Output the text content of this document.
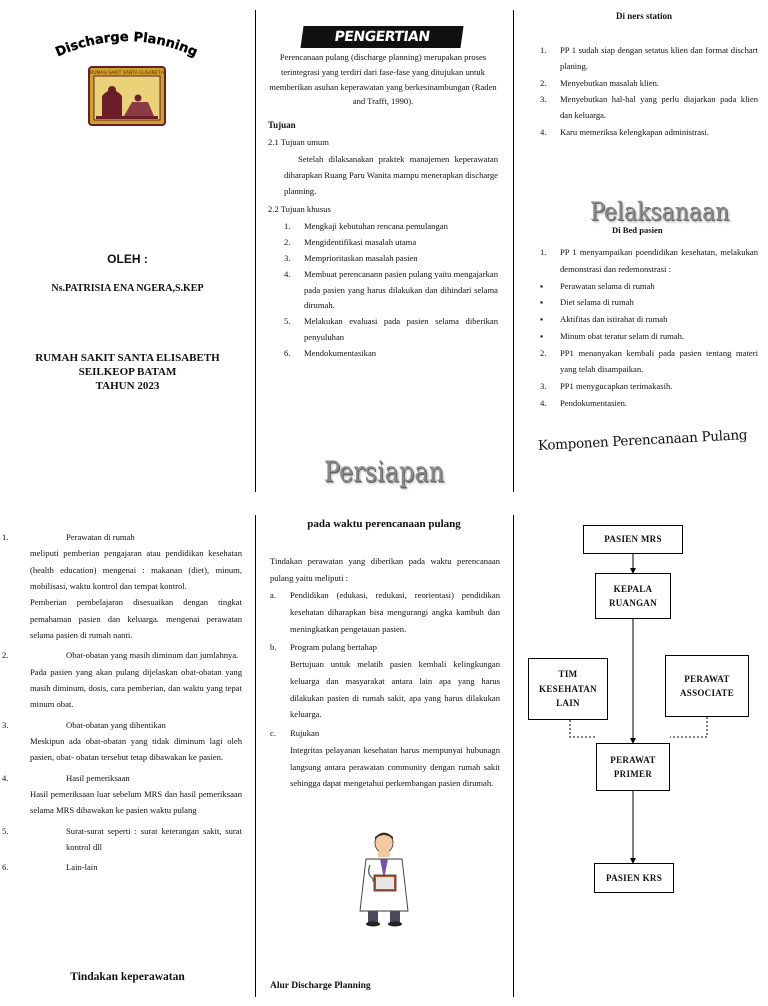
Discharge Planning
RUMAH SAKIT SANTA ELISABETH
OLEH :
Ns.PATRISIA ENA NGERA,S.KEP
RUMAH SAKIT SANTA ELISABETH
SEILKEOP BATAM
TAHUN 2023
PENGERTIAN
Perencanaan pulang (discharge planning) merupakan proses terintegrasi yang terdiri dari fase-fase yang ditujukan untuk memberikan asuhan keperawatan yang berkesinambungan (Raden and Trafft, 1990).
Tujuan
2.1 Tujuan umum
Setelah dilaksanakan praktek manajemen keperawatan diharapkan Ruang Paru Wanita mampu menerapkan discharge planning.
2.2 Tujuan khusus
1.	Mengkaji kebutuhan rencana pemulangan
2.	Mengidentifikasi masalah utama
3.	Memprioritaskan masalah pasien
4.	Membuat perencanann pasien pulang yaitu mengajarkan pada pasien yang harus dilakukan dan dihindari selama dirumah.
5.	Melakukan evaluasi pada pasien selama diberikan penyuluhan
6.	Mendokumentasikan
Persiapan
Di ners station
1.	PP 1 sudah siap dengan setatus klien dan format dischart planing.
2.	Menyebutkan masalah klien.
3.	Menyebutkan hal-hal yang perlu diajarkan pada klien dan keluarga.
4.	Karu memeriksa kelengkapan administrasi.
Pelaksanaan
Di Bed pasien
1.	PP 1 menyampaikan poendidikan kesehatan, melakukan demonstrasi dan redemonstrasi :
▪	Perawatan selama di rumah
▪	Diet selama di rumah
▪	Aktifitas dan istirahat di rumah
▪	Minum obat teratur selam di rumah.
2.	PP1 menanyakan kembali pada pasien tentang materi yang telah disampaikan.
3.	PP1 menygucapkan terimakasih.
4.	Pendokumentasien.
Komponen Perencanaan Pulang
1.	Perawatan di rumah
meliputi pemberian pengajaran atau pendidikan kesehatan (health education) mengenai : makanan (diet), minum, mobilisasi, waktu kontrol dan tempat kontrol.
Pemberian pembelajaran disesuaikan dengan tingkat pemahaman pasien dan keluarga. mengenai perawatan selama pasien di rumah nanti.
2.	Obat-obatan yang masih diminum dan jumlahnya.
Pada pasien yang akan pulang dijelaskan obat-obatan yang masih diminum, dosis, cara pemberian, dan waktu yang tepat minum obat.
3.	Obat-obatan yang dihentikan
Meskipun ada obat-obatan yang tidak diminum lagi oleh pasien, obat- obatan tersebut tetap dibawakan ke pasien.
4.	Hasil pemeriksaan
Hasil pemeriksaan luar sebelum MRS dan hasil pemeriksaan selama MRS dibawakan ke pasien waktu pulang
5.	Surat-surat seperti : surat keterangan sakit, surat kontrol dll
6.	Lain-lain
Tindakan keperawatan
pada waktu perencanaan pulang
Tindakan perawatan yang diberikan pada waktu perencanaan pulang yaitu meliputi :
a.	Pendidikan (edukasi, redukasi, reorientasi) pendidikan kesehatan diharapkan bisa mengurangi angka kambuh dan meningkatkan pengetauan pasien.
b.	Program pulang bertahap
Bertujuan untuk melatih pasien kembali kelingkungan keluarga dan masyarakat antara lain apa yang harus dilakukan pasien di rumah sakit, apa yang harus dilakukan keluarga.
c.	Rujukan
Integritas pelayanan kesehatan harus mempunyai hubunagn langsung antara perawatan community dengan rumah sakit sehingga dapat mengetahui perkembangan pasien dirumah.
Alur Discharge Planning
PASIEN MRS
KEPALA RUANGAN
TIM KESEHATAN LAIN
PERAWAT ASSOCIATE
PERAWAT PRIMER
PASIEN KRS
